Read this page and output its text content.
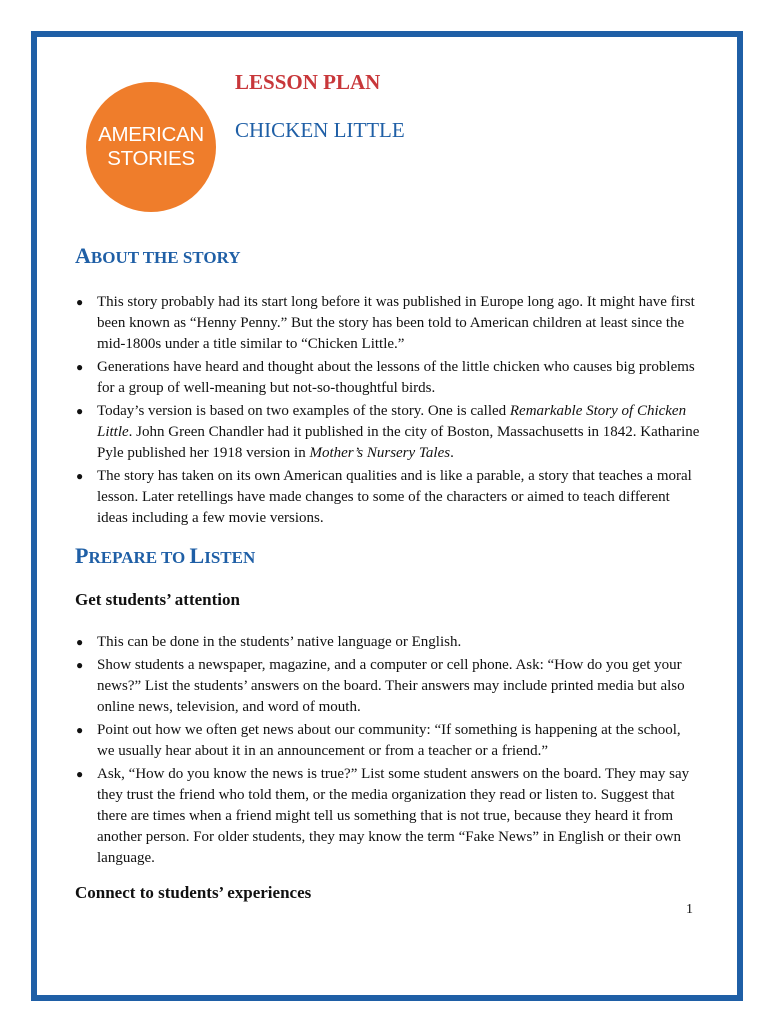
AMERICAN
STORIES
LESSON PLAN
CHICKEN LITTLE
ABOUT THE STORY
● This story probably had its start long before it was published in Europe long ago. It might have first been known as “Henny Penny.” But the story has been told to American children at least since the mid-1800s under a title similar to “Chicken Little.”
● Generations have heard and thought about the lessons of the little chicken who causes big problems for a group of well-meaning but not-so-thoughtful birds.
● Today’s version is based on two examples of the story. One is called Remarkable Story of Chicken Little. John Green Chandler had it published in the city of Boston, Massachusetts in 1842. Katharine Pyle published her 1918 version in Mother’s Nursery Tales.
● The story has taken on its own American qualities and is like a parable, a story that teaches a moral lesson. Later retellings have made changes to some of the characters or aimed to teach different ideas including a few movie versions.
PREPARE TO LISTEN
Get students’ attention
● This can be done in the students’ native language or English.
● Show students a newspaper, magazine, and a computer or cell phone. Ask: “How do you get your news?” List the students’ answers on the board. Their answers may include printed media but also online news, television, and word of mouth.
● Point out how we often get news about our community: “If something is happening at the school, we usually hear about it in an announcement or from a teacher or a friend.”
● Ask, “How do you know the news is true?” List some student answers on the board. They may say they trust the friend who told them, or the media organization they read or listen to. Suggest that there are times when a friend might tell us something that is not true, because they heard it from another person. For older students, they may know the term “Fake News” in English or their own language.
Connect to students’ experiences
1
